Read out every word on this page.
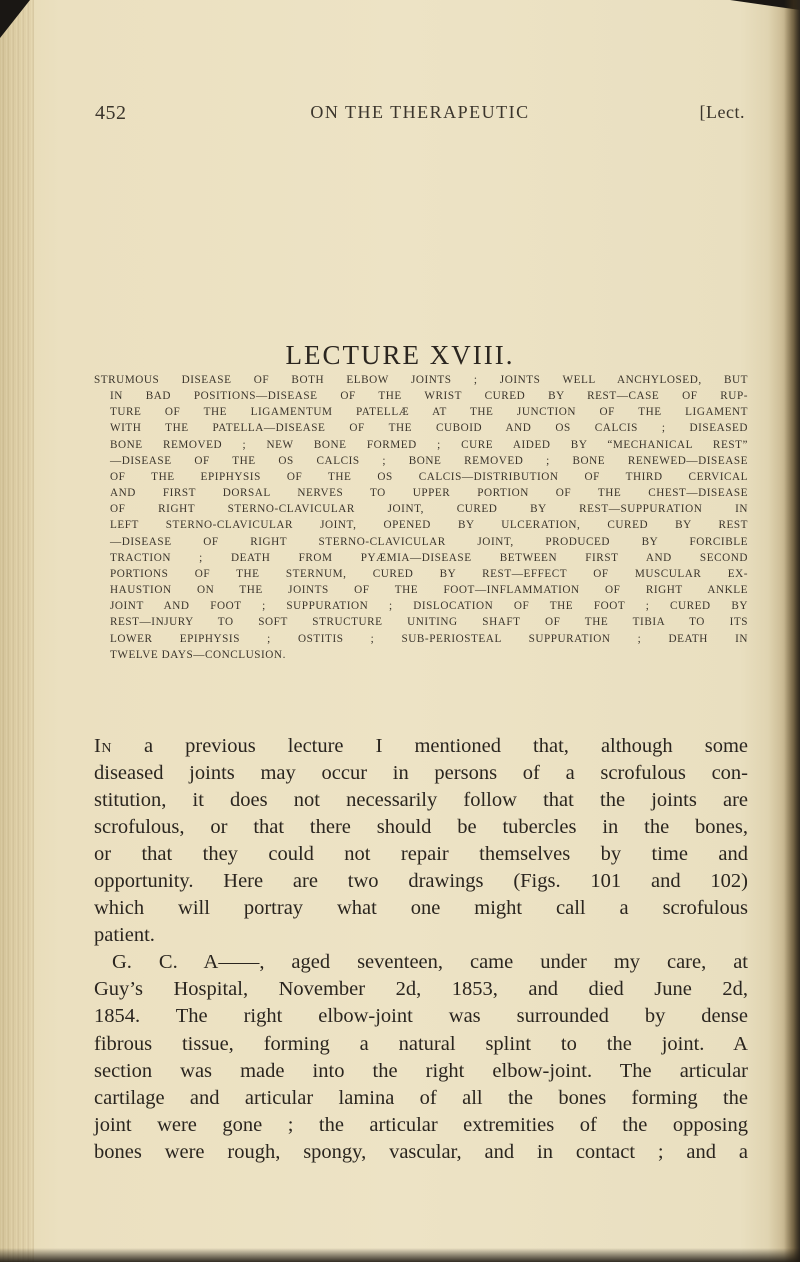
452	ON THE THERAPEUTIC	[Lect.
LECTURE XVIII.
STRUMOUS DISEASE OF BOTH ELBOW JOINTS ; JOINTS WELL ANCHYLOSED, BUT
IN BAD POSITIONS—DISEASE OF THE WRIST CURED BY REST—CASE OF RUP-
TURE OF THE LIGAMENTUM PATELLÆ AT THE JUNCTION OF THE LIGAMENT
WITH THE PATELLA—DISEASE OF THE CUBOID AND OS CALCIS ; DISEASED
BONE REMOVED ; NEW BONE FORMED ; CURE AIDED BY “MECHANICAL REST”
—DISEASE OF THE OS CALCIS ; BONE REMOVED ; BONE RENEWED—DISEASE
OF THE EPIPHYSIS OF THE OS CALCIS—DISTRIBUTION OF THIRD CERVICAL
AND FIRST DORSAL NERVES TO UPPER PORTION OF THE CHEST—DISEASE
OF RIGHT STERNO-CLAVICULAR JOINT, CURED BY REST—SUPPURATION IN
LEFT STERNO-CLAVICULAR JOINT, OPENED BY ULCERATION, CURED BY REST
—DISEASE OF RIGHT STERNO-CLAVICULAR JOINT, PRODUCED BY FORCIBLE
TRACTION ; DEATH FROM PYÆMIA—DISEASE BETWEEN FIRST AND SECOND
PORTIONS OF THE STERNUM, CURED BY REST—EFFECT OF MUSCULAR EX-
HAUSTION ON THE JOINTS OF THE FOOT—INFLAMMATION OF RIGHT ANKLE
JOINT AND FOOT ; SUPPURATION ; DISLOCATION OF THE FOOT ; CURED BY
REST—INJURY TO SOFT STRUCTURE UNITING SHAFT OF THE TIBIA TO ITS
LOWER EPIPHYSIS ; OSTITIS ; SUB-PERIOSTEAL SUPPURATION ; DEATH IN
TWELVE DAYS—CONCLUSION.
In a previous lecture I mentioned that, although some
diseased joints may occur in persons of a scrofulous con-
stitution, it does not necessarily follow that the joints are
scrofulous, or that there should be tubercles in the bones,
or that they could not repair themselves by time and
opportunity. Here are two drawings (Figs. 101 and 102)
which will portray what one might call a scrofulous
patient.
G. C. A——, aged seventeen, came under my care, at
Guy’s Hospital, November 2d, 1853, and died June 2d,
1854. The right elbow-joint was surrounded by dense
fibrous tissue, forming a natural splint to the joint. A
section was made into the right elbow-joint. The articular
cartilage and articular lamina of all the bones forming the
joint were gone ; the articular extremities of the opposing
bones were rough, spongy, vascular, and in contact ; and a
